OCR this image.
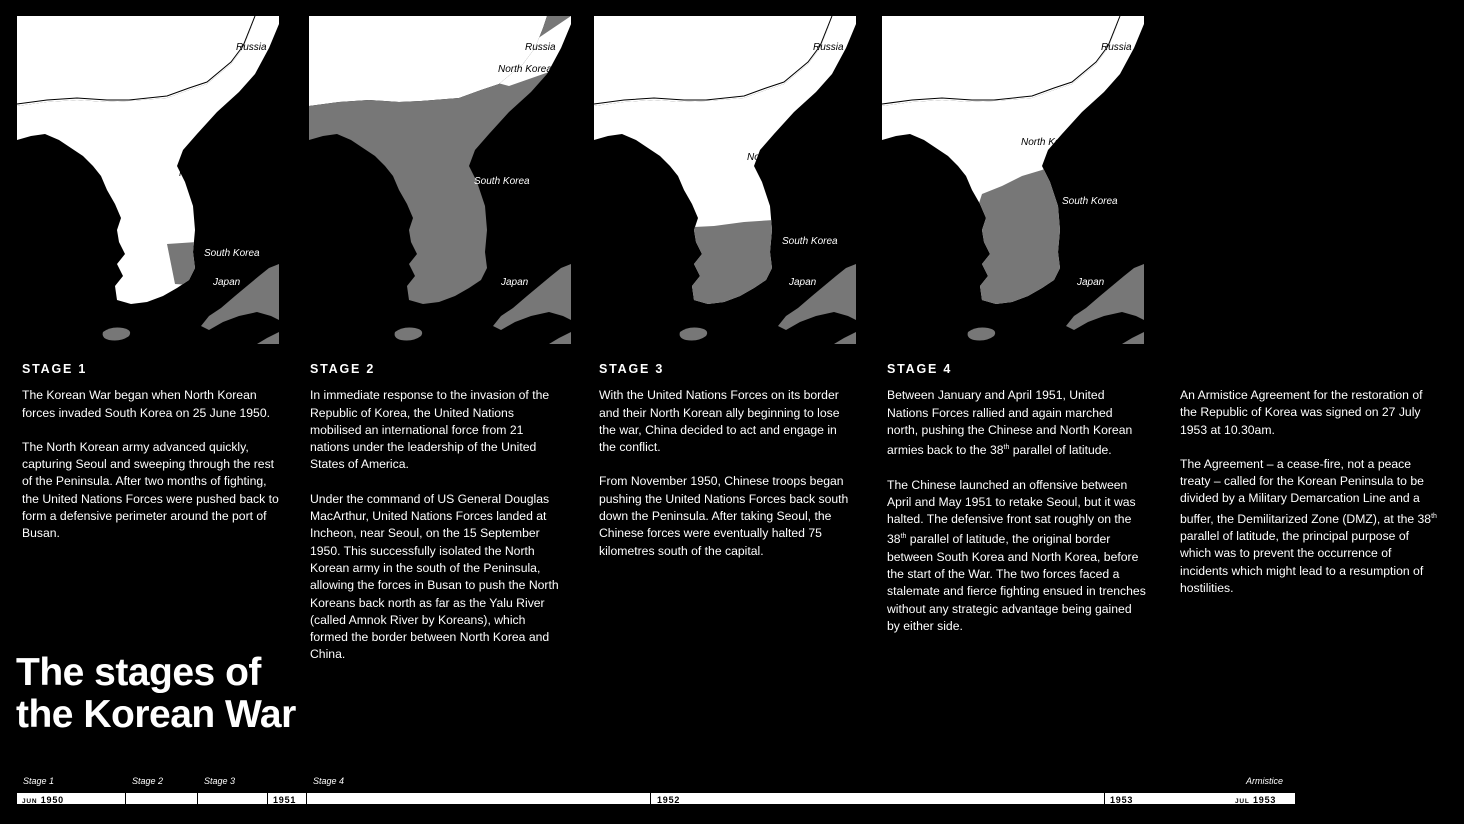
Russia
China
North Korea
South Korea
Japan
Russia
North Korea
China
South Korea
Japan
Russia
China
North Korea
South Korea
Japan
Russia
China	North Korea
South Korea
Japan
STAGE 1

The Korean War began when North Korean forces invaded South Korea on 25 June 1950.

The North Korean army advanced quickly, capturing Seoul and sweeping through the rest of the Peninsula. After two months of fighting, the United Nations Forces were pushed back to form a defensive perimeter around the port of Busan.

STAGE 2

In immediate response to the invasion of the Republic of Korea, the United Nations mobilised an international force from 21 nations under the leadership of the United States of America.

Under the command of US General Douglas MacArthur, United Nations Forces landed at Incheon, near Seoul, on the 15 September 1950. This successfully isolated the North Korean army in the south of the Peninsula, allowing the forces in Busan to push the North Koreans back north as far as the Yalu River (called Amnok River by Koreans), which formed the border between North Korea and China.

STAGE 3

With the United Nations Forces on its border and their North Korean ally beginning to lose the war, China decided to act and engage in the conflict.

From November 1950, Chinese troops began pushing the United Nations Forces back south down the Peninsula. After taking Seoul, the Chinese forces were eventually halted 75 kilometres south of the capital.

STAGE 4

Between January and April 1951, United Nations Forces rallied and again marched north, pushing the Chinese and North Korean armies back to the 38th parallel of latitude.

The Chinese launched an offensive between April and May 1951 to retake Seoul, but it was halted. The defensive front sat roughly on the 38th parallel of latitude, the original border between South Korea and North Korea, before the start of the War. The two forces faced a stalemate and fierce fighting ensued in trenches without any strategic advantage being gained by either side.

An Armistice Agreement for the restoration of the Republic of Korea was signed on 27 July 1953 at 10.30am.

The Agreement – a cease-fire, not a peace treaty – called for the Korean Peninsula to be divided by a Military Demarcation Line and a buffer, the Demilitarized Zone (DMZ), at the 38th parallel of latitude, the principal purpose of which was to prevent the occurrence of incidents which might lead to a resumption of hostilities.

The stages of
the Korean War
Stage 1	Stage 2	Stage 3	Stage 4	Armistice
JUN 1950	1951	1952	1953	JUL 1953
